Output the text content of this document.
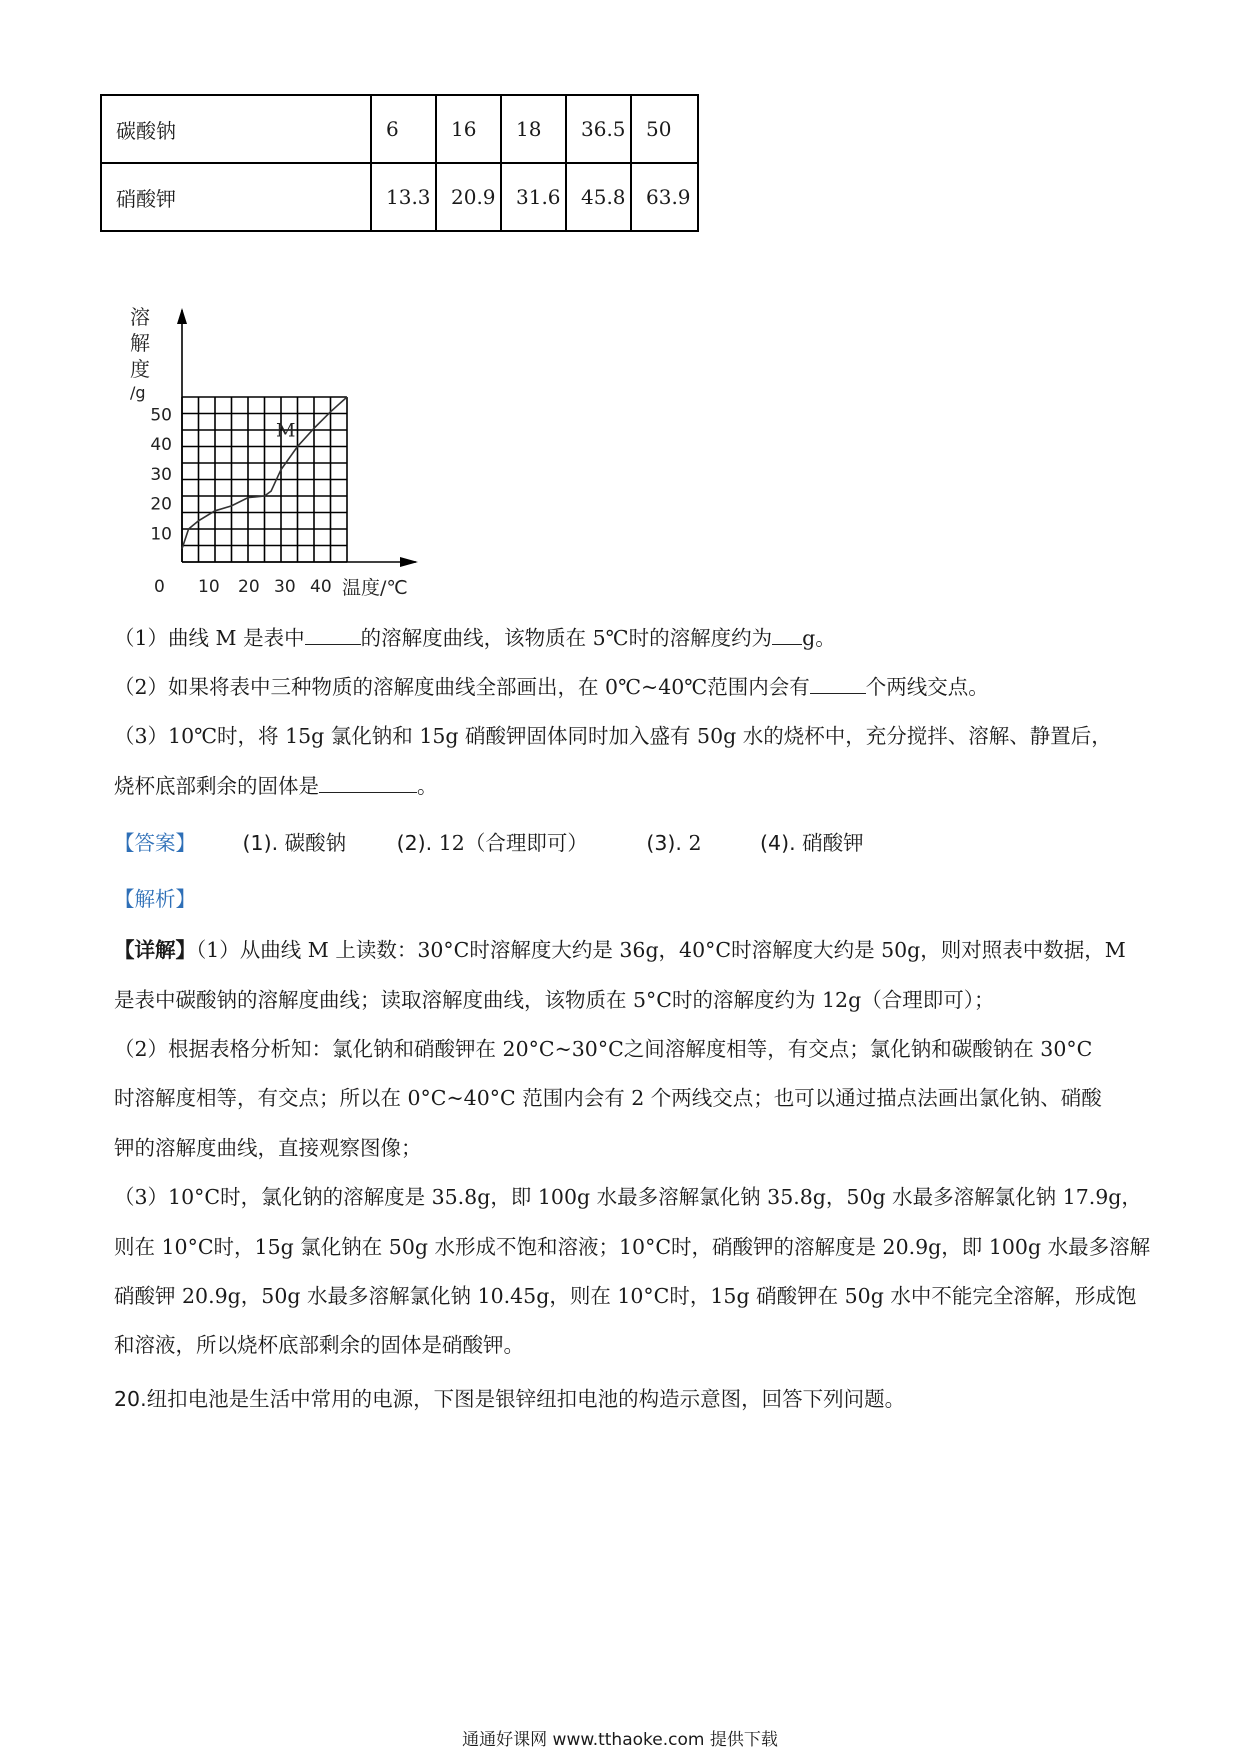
碳酸钠	6	16	18	36.5	50
硝酸钾	13.3	20.9	31.6	45.8	63.9
溶
解
度
/g
10
20
30
40
50
0 10 20 30 40 温度/℃
M
（1）曲线 M 是表中	的溶解度曲线，该物质在 5℃时的溶解度约为 g。
（2）如果将表中三种物质的溶解度曲线全部画出，在 0℃~40℃范围内会有	个两线交点。
（3）10℃时，将 15g 氯化钠和 15g 硝酸钾固体同时加入盛有 50g 水的烧杯中，充分搅拌、溶解、静置后，
烧杯底部剩余的固体是	。
【答案】 (1). 碳酸钠 (2). 12（合理即可）	(3). 2	(4). 硝酸钾
【解析】
【详解】（1）从曲线 M 上读数：30°C时溶解度大约是 36g，40°C时溶解度大约是 50g，则对照表中数据，M
是表中碳酸钠的溶解度曲线；读取溶解度曲线，该物质在 5°C时的溶解度约为 12g（合理即可）；
（2）根据表格分析知：氯化钠和硝酸钾在 20°C~30°C之间溶解度相等，有交点；氯化钠和碳酸钠在 30°C
时溶解度相等，有交点；所以在 0°C~40°C 范围内会有 2 个两线交点；也可以通过描点法画出氯化钠、硝酸
钾的溶解度曲线，直接观察图像；
（3）10°C时，氯化钠的溶解度是 35.8g，即 100g 水最多溶解氯化钠 35.8g，50g 水最多溶解氯化钠 17.9g，
则在 10°C时，15g 氯化钠在 50g 水形成不饱和溶液；10°C时，硝酸钾的溶解度是 20.9g，即 100g 水最多溶解
硝酸钾 20.9g，50g 水最多溶解氯化钠 10.45g，则在 10°C时，15g 硝酸钾在 50g 水中不能完全溶解，形成饱
和溶液，所以烧杯底部剩余的固体是硝酸钾。
20.纽扣电池是生活中常用的电源，下图是银锌纽扣电池的构造示意图，回答下列问题。
通通好课网 www.tthaoke.com 提供下载
